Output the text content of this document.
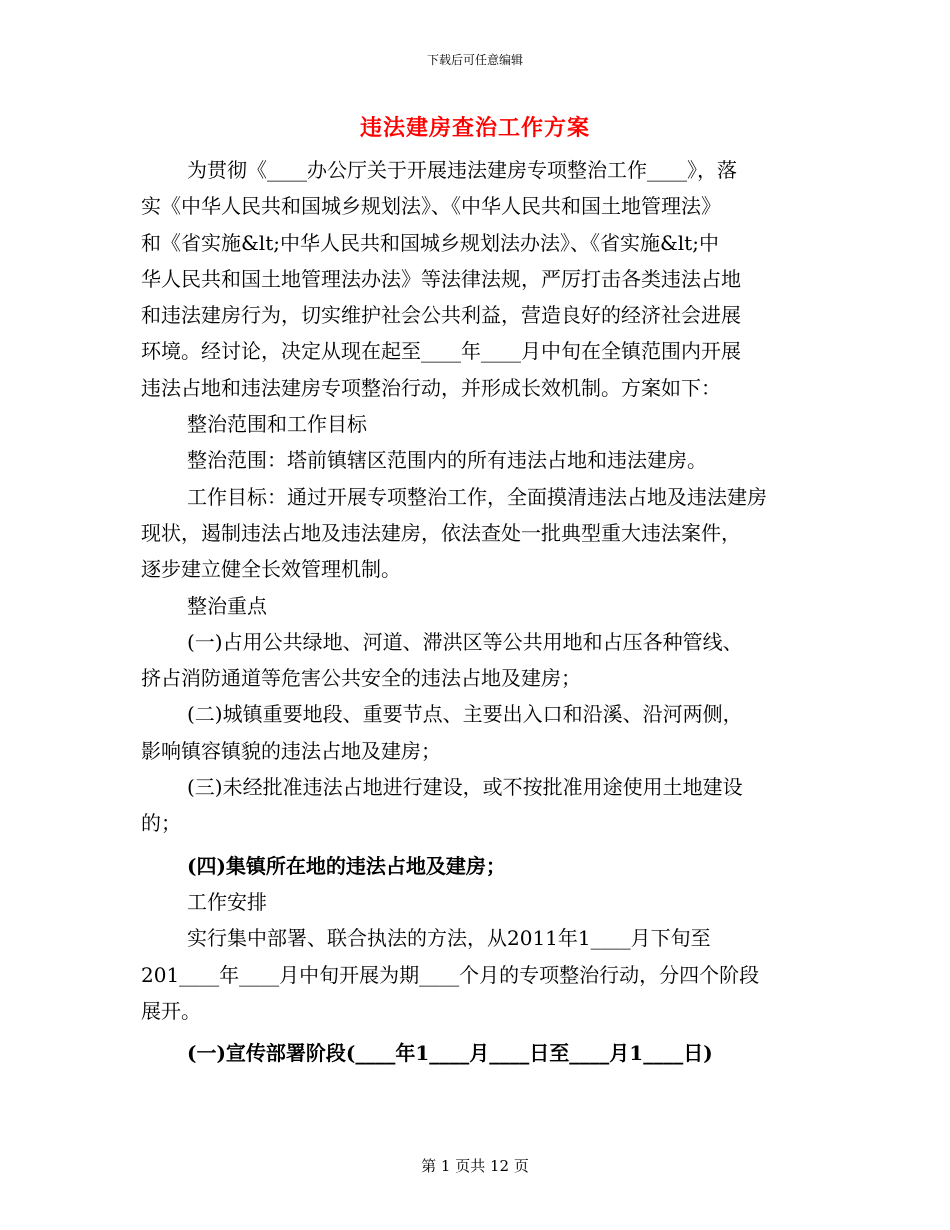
下载后可任意编辑
违法建房查治工作方案
为贯彻《____办公厅关于开展违法建房专项整治工作____》，落
实《中华人民共和国城乡规划法》、《中华人民共和国土地管理法》
和《省实施&lt;中华人民共和国城乡规划法办法》、《省实施&lt;中
华人民共和国土地管理法办法》等法律法规，严厉打击各类违法占地
和违法建房行为，切实维护社会公共利益，营造良好的经济社会进展
环境。经讨论，决定从现在起至____年____月中旬在全镇范围内开展
违法占地和违法建房专项整治行动，并形成长效机制。方案如下：
整治范围和工作目标
整治范围：塔前镇辖区范围内的所有违法占地和违法建房。
工作目标：通过开展专项整治工作，全面摸清违法占地及违法建房
现状，遏制违法占地及违法建房，依法查处一批典型重大违法案件，
逐步建立健全长效管理机制。
整治重点
(一)占用公共绿地、河道、滞洪区等公共用地和占压各种管线、
挤占消防通道等危害公共安全的违法占地及建房；
(二)城镇重要地段、重要节点、主要出入口和沿溪、沿河两侧，
影响镇容镇貌的违法占地及建房；
(三)未经批准违法占地进行建设，或不按批准用途使用土地建设
的；
(四)集镇所在地的违法占地及建房；
工作安排
实行集中部署、联合执法的方法，从2011年1____月下旬至
201____年____月中旬开展为期____个月的专项整治行动，分四个阶段
展开。
(一)宣传部署阶段(____年1____月____日至____月1____日)
第 1 页共 12 页
